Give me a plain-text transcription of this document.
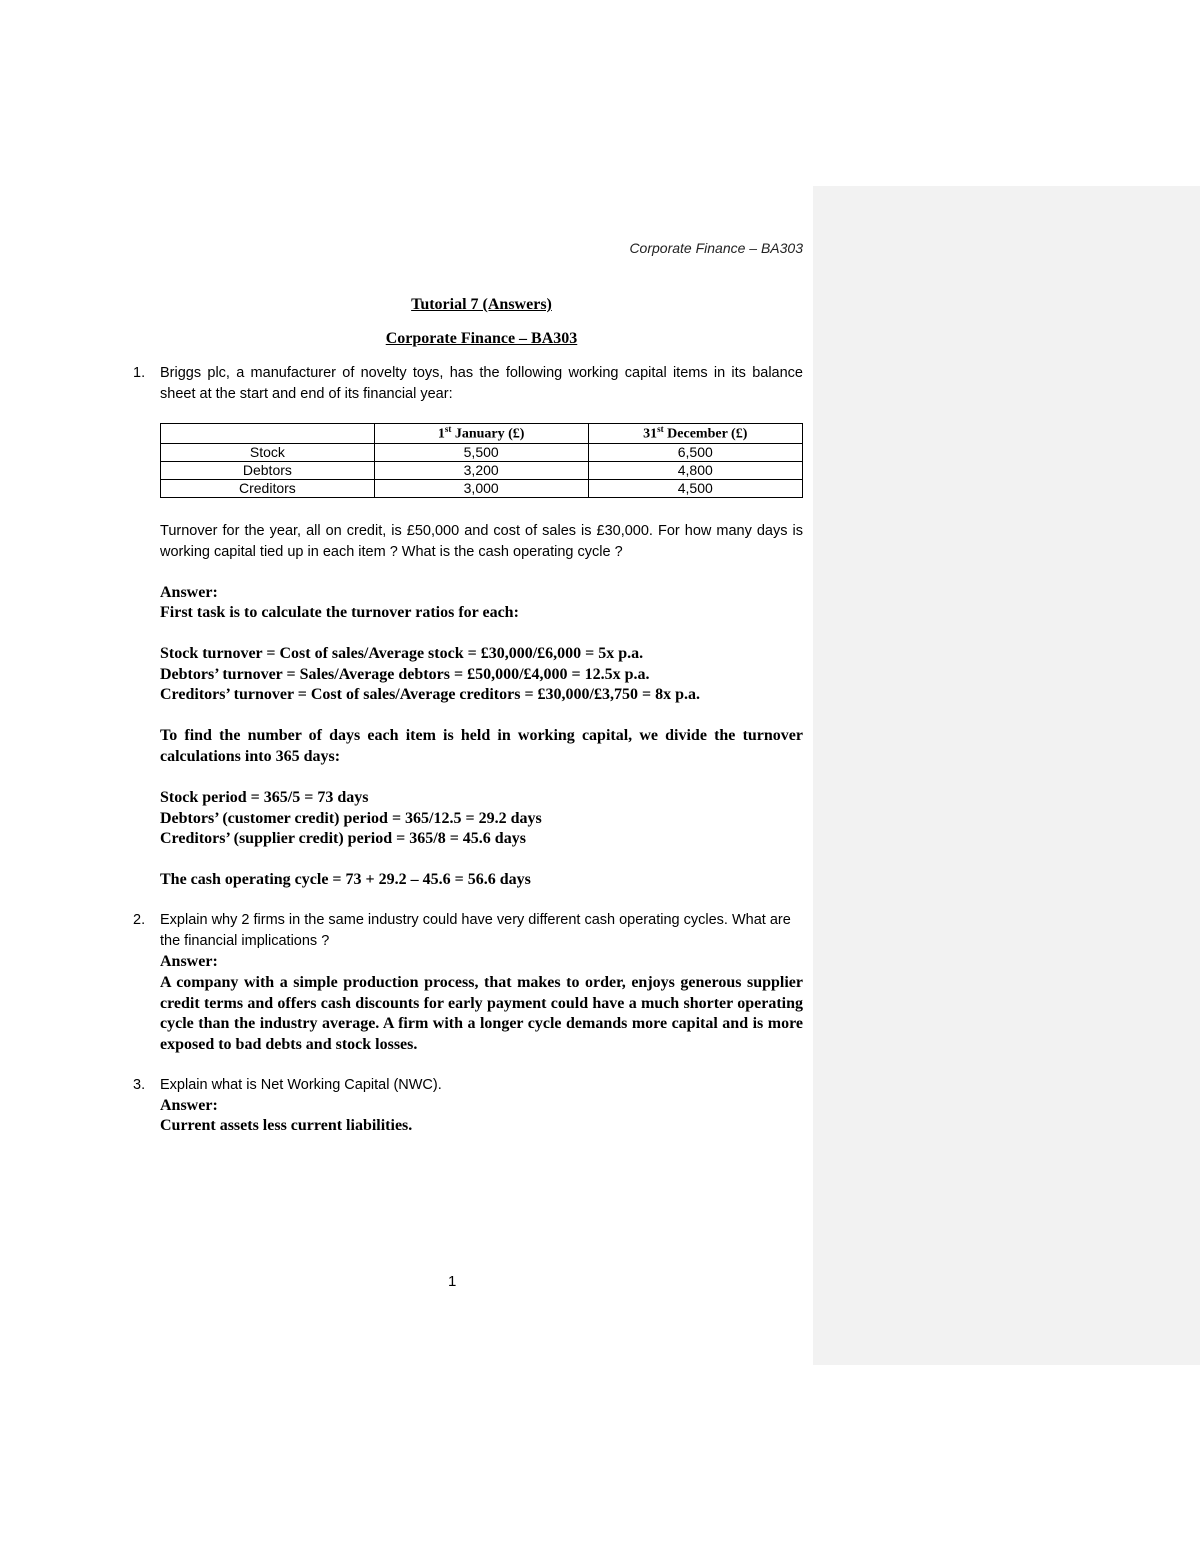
Corporate Finance – BA303
Tutorial 7 (Answers)
Corporate Finance – BA303
1. Briggs plc, a manufacturer of novelty toys, has the following working capital items in its balance sheet at the start and end of its financial year:
	1st January (£)	31st December (£)
Stock	5,500	6,500
Debtors	3,200	4,800
Creditors	3,000	4,500
Turnover for the year, all on credit, is £50,000 and cost of sales is £30,000. For how many days is working capital tied up in each item ? What is the cash operating cycle ?
Answer:
First task is to calculate the turnover ratios for each:
Stock turnover = Cost of sales/Average stock = £30,000/£6,000 = 5x p.a.
Debtors’ turnover = Sales/Average debtors = £50,000/£4,000 = 12.5x p.a.
Creditors’ turnover = Cost of sales/Average creditors = £30,000/£3,750 = 8x p.a.
To find the number of days each item is held in working capital, we divide the turnover calculations into 365 days:
Stock period = 365/5 = 73 days
Debtors’ (customer credit) period = 365/12.5 = 29.2 days
Creditors’ (supplier credit) period = 365/8 = 45.6 days
The cash operating cycle = 73 + 29.2 – 45.6 = 56.6 days
2. Explain why 2 firms in the same industry could have very different cash operating cycles. What are the financial implications ?
Answer:
A company with a simple production process, that makes to order, enjoys generous supplier credit terms and offers cash discounts for early payment could have a much shorter operating cycle than the industry average. A firm with a longer cycle demands more capital and is more exposed to bad debts and stock losses.
3. Explain what is Net Working Capital (NWC).
Answer:
Current assets less current liabilities.
1
